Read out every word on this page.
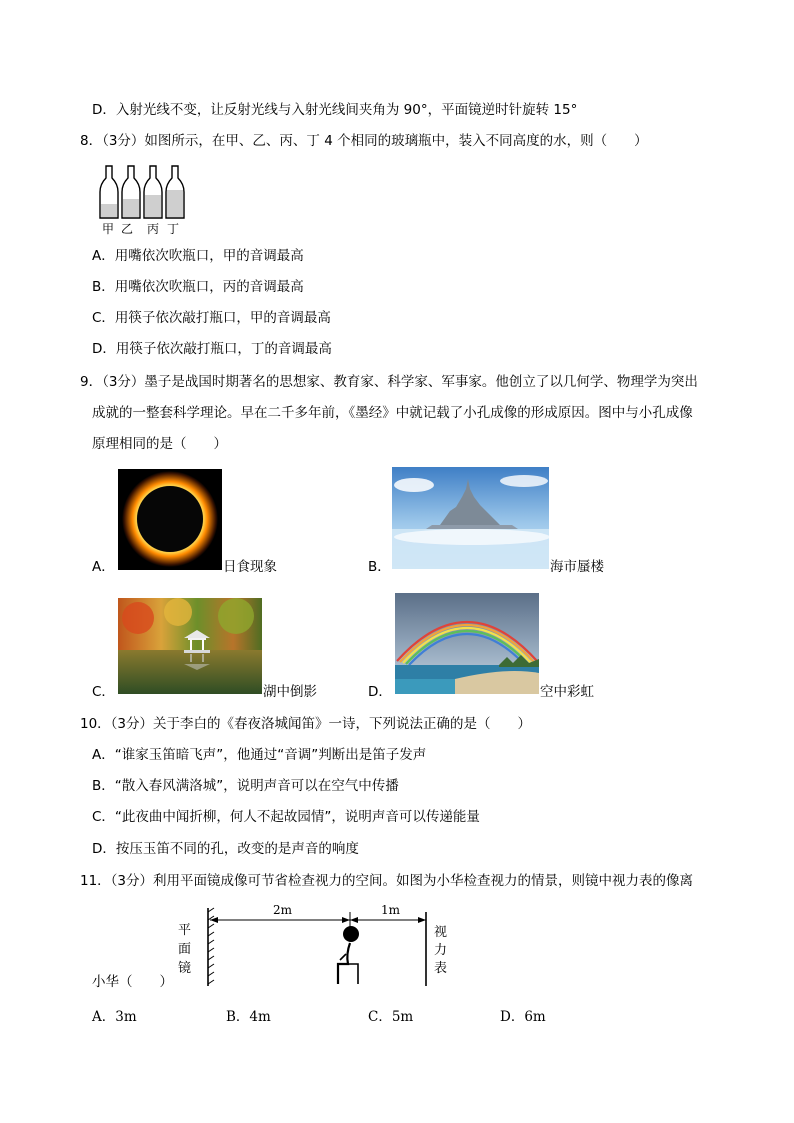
D．入射光线不变，让反射光线与入射光线间夹角为 90°，平面镜逆时针旋转 15°
8．（3分）如图所示，在甲、乙、丙、丁 4 个相同的玻璃瓶中，装入不同高度的水，则（　　）
甲 乙 丙 丁
A．用嘴依次吹瓶口，甲的音调最高
B．用嘴依次吹瓶口，丙的音调最高
C．用筷子依次敲打瓶口，甲的音调最高
D．用筷子依次敲打瓶口，丁的音调最高
9．（3分）墨子是战国时期著名的思想家、教育家、科学家、军事家。他创立了以几何学、物理学为突出
成就的一整套科学理论。早在二千多年前，《墨经》中就记载了小孔成像的形成原因。图中与小孔成像
原理相同的是（　　）
A．	日食现象	B．	海市蜃楼
C．	湖中倒影	D．	空中彩虹
10．（3分）关于李白的《春夜洛城闻笛》一诗，下列说法正确的是（　　）
A．“谁家玉笛暗飞声”，他通过“音调”判断出是笛子发声
B．“散入春风满洛城”，说明声音可以在空气中传播
C．“此夜曲中闻折柳，何人不起故园情”，说明声音可以传递能量
D．按压玉笛不同的孔，改变的是声音的响度
11．（3分）利用平面镜成像可节省检查视力的空间。如图为小华检查视力的情景，则镜中视力表的像离
平
面
镜
2m	1m
视
力
表
小华（　　）
A．3m	B．4m	C．5m	D．6m
